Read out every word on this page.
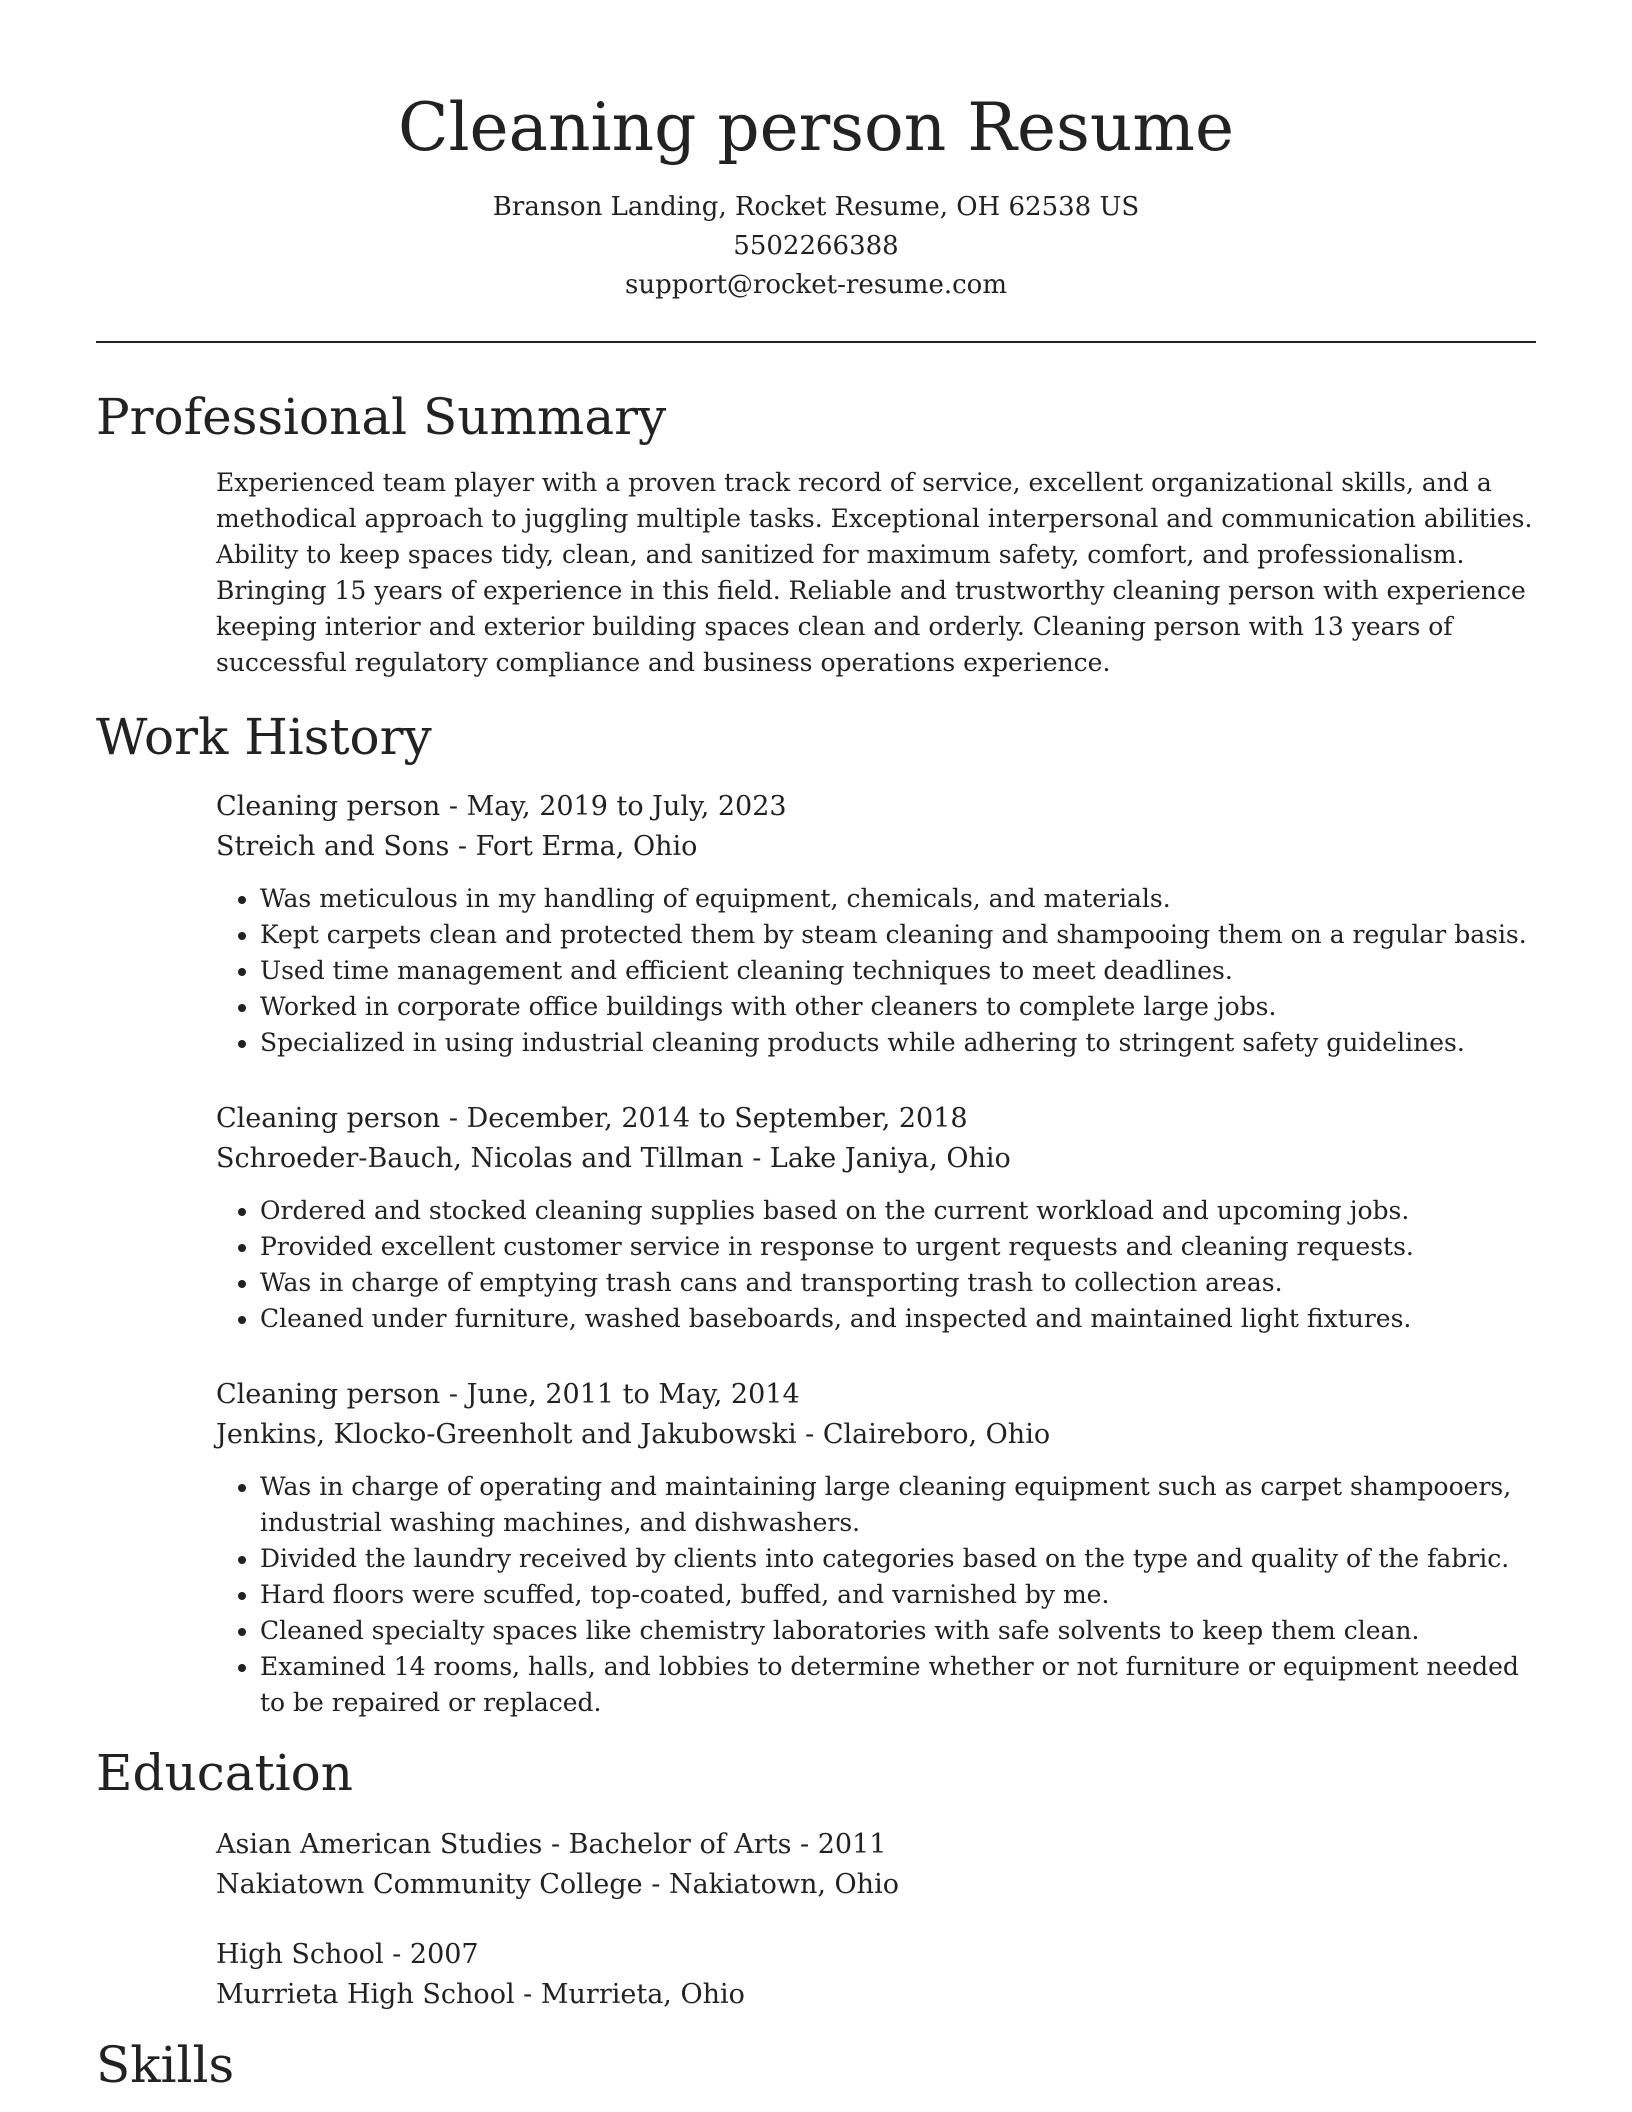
Cleaning person Resume
Branson Landing, Rocket Resume, OH 62538 US
5502266388
support@rocket-resume.com
Professional Summary
Experienced team player with a proven track record of service, excellent organizational skills, and a methodical approach to juggling multiple tasks. Exceptional interpersonal and communication abilities. Ability to keep spaces tidy, clean, and sanitized for maximum safety, comfort, and professionalism. Bringing 15 years of experience in this field. Reliable and trustworthy cleaning person with experience keeping interior and exterior building spaces clean and orderly. Cleaning person with 13 years of successful regulatory compliance and business operations experience.
Work History
Cleaning person - May, 2019 to July, 2023
Streich and Sons - Fort Erma, Ohio
• Was meticulous in my handling of equipment, chemicals, and materials.
• Kept carpets clean and protected them by steam cleaning and shampooing them on a regular basis.
• Used time management and efficient cleaning techniques to meet deadlines.
• Worked in corporate office buildings with other cleaners to complete large jobs.
• Specialized in using industrial cleaning products while adhering to stringent safety guidelines.
Cleaning person - December, 2014 to September, 2018
Schroeder-Bauch, Nicolas and Tillman - Lake Janiya, Ohio
• Ordered and stocked cleaning supplies based on the current workload and upcoming jobs.
• Provided excellent customer service in response to urgent requests and cleaning requests.
• Was in charge of emptying trash cans and transporting trash to collection areas.
• Cleaned under furniture, washed baseboards, and inspected and maintained light fixtures.
Cleaning person - June, 2011 to May, 2014
Jenkins, Klocko-Greenholt and Jakubowski - Claireboro, Ohio
• Was in charge of operating and maintaining large cleaning equipment such as carpet shampooers, industrial washing machines, and dishwashers.
• Divided the laundry received by clients into categories based on the type and quality of the fabric.
• Hard floors were scuffed, top-coated, buffed, and varnished by me.
• Cleaned specialty spaces like chemistry laboratories with safe solvents to keep them clean.
• Examined 14 rooms, halls, and lobbies to determine whether or not furniture or equipment needed to be repaired or replaced.
Education
Asian American Studies - Bachelor of Arts - 2011
Nakiatown Community College - Nakiatown, Ohio
High School - 2007
Murrieta High School - Murrieta, Ohio
Skills
